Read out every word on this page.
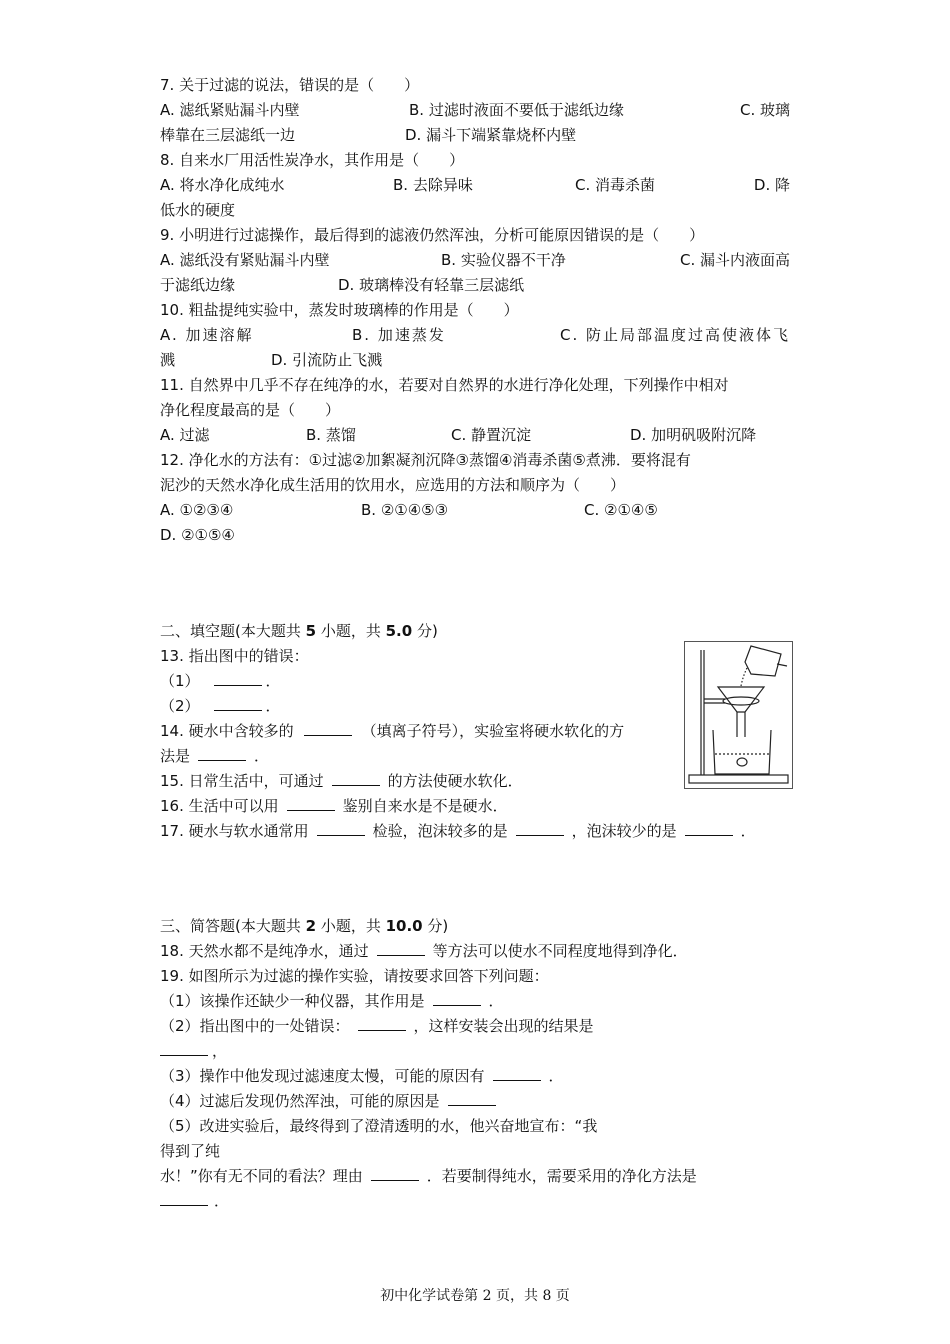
7. 关于过滤的说法，错误的是（　　）
A. 滤纸紧贴漏斗内壁	B. 过滤时液面不要低于滤纸边缘	C. 玻璃
棒靠在三层滤纸一边	D. 漏斗下端紧靠烧杯内壁
8. 自来水厂用活性炭净水，其作用是（　　）
A. 将水净化成纯水	B. 去除异味	C. 消毒杀菌	D. 降
低水的硬度
9. 小明进行过滤操作，最后得到的滤液仍然浑浊，分析可能原因错误的是（　　）
A. 滤纸没有紧贴漏斗内壁	B. 实验仪器不干净	C. 漏斗内液面高
于滤纸边缘	D. 玻璃棒没有轻靠三层滤纸
10. 粗盐提纯实验中，蒸发时玻璃棒的作用是（　　）
A. 加速溶解	B. 加速蒸发	C. 防止局部温度过高使液体飞
溅	D. 引流防止飞溅
11. 自然界中几乎不存在纯净的水，若要对自然界的水进行净化处理，下列操作中相对
净化程度最高的是（　　）
A. 过滤	B. 蒸馏	C. 静置沉淀	D. 加明矾吸附沉降
12. 净化水的方法有：①过滤②加絮凝剂沉降③蒸馏④消毒杀菌⑤煮沸．要将混有
泥沙的天然水净化成生活用的饮用水，应选用的方法和顺序为（　　）
A. ①②③④	B. ②①④⑤③	C. ②①④⑤
D. ②①⑤④
二、填空题(本大题共 5 小题，共 5.0 分)
13. 指出图中的错误：
（1）	．
（2）	．
14. 硬水中含较多的	（填离子符号），实验室将硬水软化的方
法是	．
15. 日常生活中，可通过	的方法使硬水软化．
16. 生活中可以用	鉴别自来水是不是硬水．
17. 硬水与软水通常用	检验，泡沫较多的是	，泡沫较少的是	．
三、简答题(本大题共 2 小题，共 10.0 分)
18. 天然水都不是纯净水，通过	等方法可以使水不同程度地得到净化．
19. 如图所示为过滤的操作实验，请按要求回答下列问题：
（1）该操作还缺少一种仪器，其作用是	．
（2）指出图中的一处错误：	，这样安装会出现的结果是
，
（3）操作中他发现过滤速度太慢，可能的原因有	．
（4）过滤后发现仍然浑浊，可能的原因是
（5）改进实验后，最终得到了澄清透明的水，他兴奋地宣布：“我
得到了纯
水！”你有无不同的看法？理由	．若要制得纯水，需要采用的净化方法是
．
初中化学试卷第 2 页，共 8 页
